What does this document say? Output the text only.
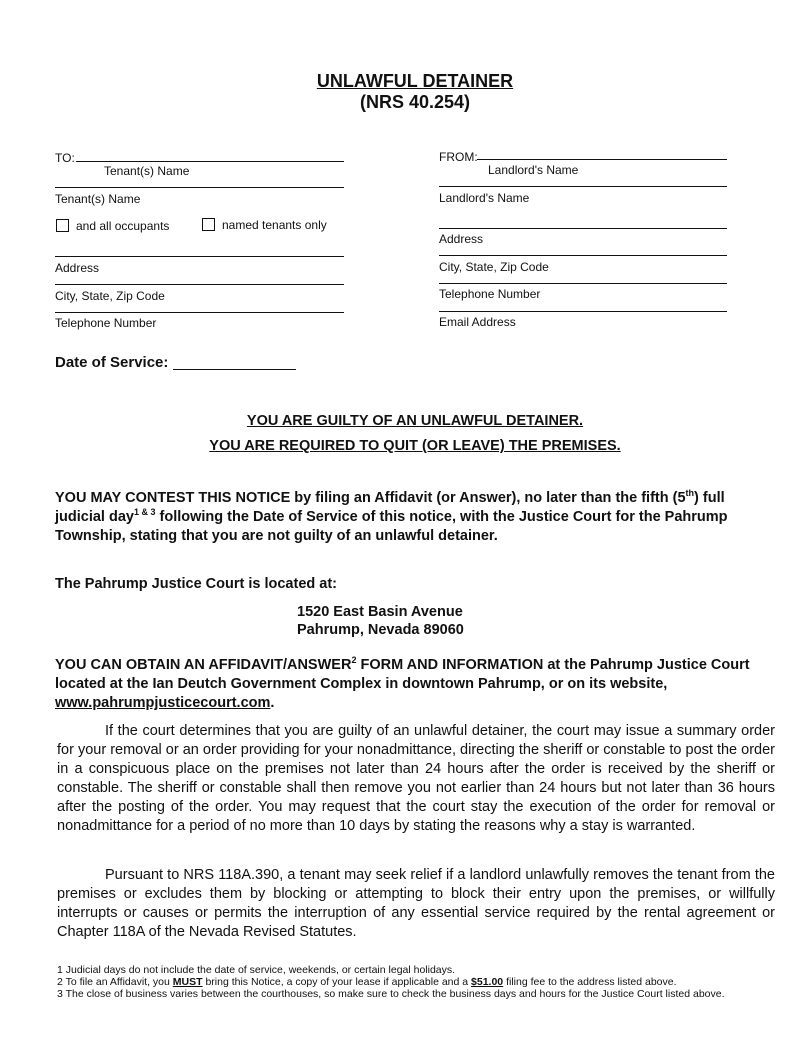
UNLAWFUL DETAINER
(NRS 40.254)
TO:
Tenant(s) Name
Tenant(s) Name
and all occupants	named tenants only
Address
City, State, Zip Code
Telephone Number
FROM:
Landlord's Name
Landlord's Name
Address
City, State, Zip Code
Telephone Number
Email Address
Date of Service:
YOU ARE GUILTY OF AN UNLAWFUL DETAINER.
YOU ARE REQUIRED TO QUIT (OR LEAVE) THE PREMISES.
YOU MAY CONTEST THIS NOTICE by filing an Affidavit (or Answer), no later than the fifth (5th) full judicial day$^{1 \& 3}$ following the Date of Service of this notice, with the Justice Court for the Pahrump Township, stating that you are not guilty of an unlawful detainer.
The Pahrump Justice Court is located at:
1520 East Basin Avenue
Pahrump, Nevada 89060
YOU CAN OBTAIN AN AFFIDAVIT/ANSWER$^2$ FORM AND INFORMATION at the Pahrump Justice Court located at the Ian Deutch Government Complex in downtown Pahrump, or on its website, www.pahrumpjusticecourt.com.
If the court determines that you are guilty of an unlawful detainer, the court may issue a summary order for your removal or an order providing for your nonadmittance, directing the sheriff or constable to post the order in a conspicuous place on the premises not later than 24 hours after the order is received by the sheriff or constable. The sheriff or constable shall then remove you not earlier than 24 hours but not later than 36 hours after the posting of the order. You may request that the court stay the execution of the order for removal or nonadmittance for a period of no more than 10 days by stating the reasons why a stay is warranted.
Pursuant to NRS 118A.390, a tenant may seek relief if a landlord unlawfully removes the tenant from the premises or excludes them by blocking or attempting to block their entry upon the premises, or willfully interrupts or causes or permits the interruption of any essential service required by the rental agreement or Chapter 118A of the Nevada Revised Statutes.
1 Judicial days do not include the date of service, weekends, or certain legal holidays.
2 To file an Affidavit, you MUST bring this Notice, a copy of your lease if applicable and a $51.00 filing fee to the address listed above.
3 The close of business varies between the courthouses, so make sure to check the business days and hours for the Justice Court listed above.
